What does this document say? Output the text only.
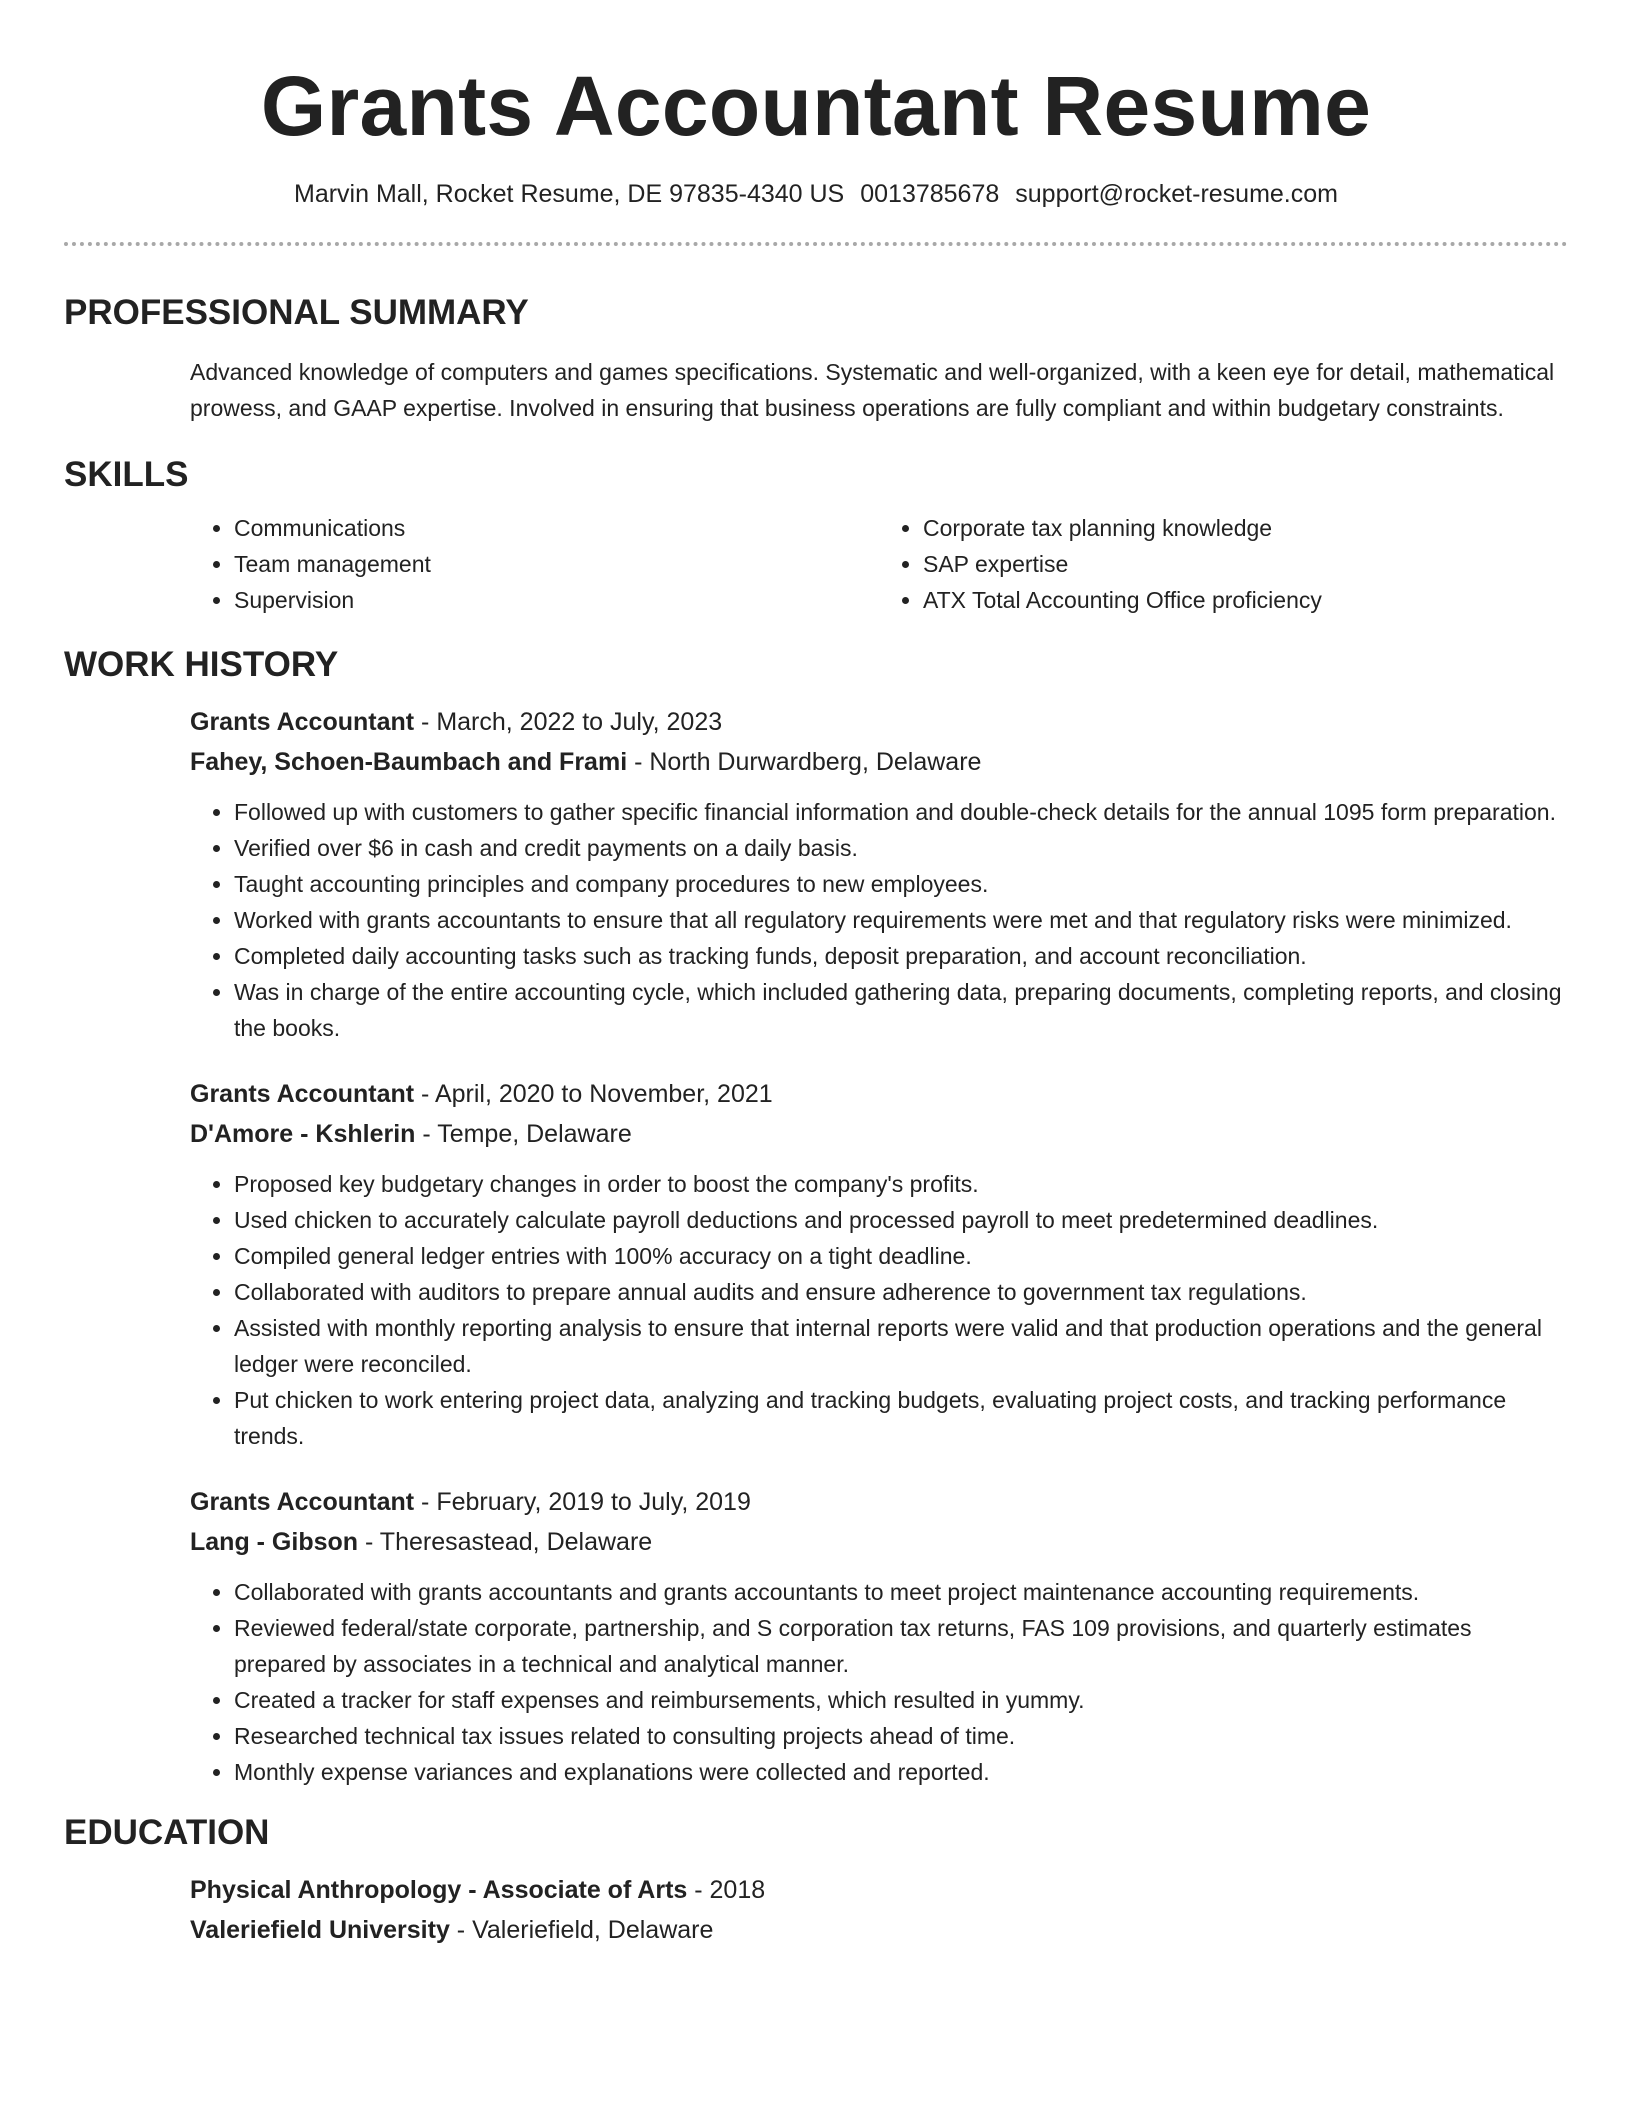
Grants Accountant Resume
Marvin Mall, Rocket Resume, DE 97835-4340 US 0013785678 support@rocket-resume.com
PROFESSIONAL SUMMARY

Advanced knowledge of computers and games specifications. Systematic and well-organized, with a keen eye for detail, mathematical prowess, and GAAP expertise. Involved in ensuring that business operations are fully compliant and within budgetary constraints.

SKILLS
• Communications
• Team management
• Supervision
• Corporate tax planning knowledge
• SAP expertise
• ATX Total Accounting Office proficiency
WORK HISTORY
Grants Accountant - March, 2022 to July, 2023
Fahey, Schoen-Baumbach and Frami - North Durwardberg, Delaware
• Followed up with customers to gather specific financial information and double-check details for the annual 1095 form preparation.
• Verified over $6 in cash and credit payments on a daily basis.
• Taught accounting principles and company procedures to new employees.
• Worked with grants accountants to ensure that all regulatory requirements were met and that regulatory risks were minimized.
• Completed daily accounting tasks such as tracking funds, deposit preparation, and account reconciliation.
• Was in charge of the entire accounting cycle, which included gathering data, preparing documents, completing reports, and closing the books.
Grants Accountant - April, 2020 to November, 2021
D'Amore - Kshlerin - Tempe, Delaware
• Proposed key budgetary changes in order to boost the company's profits.
• Used chicken to accurately calculate payroll deductions and processed payroll to meet predetermined deadlines.
• Compiled general ledger entries with 100% accuracy on a tight deadline.
• Collaborated with auditors to prepare annual audits and ensure adherence to government tax regulations.
• Assisted with monthly reporting analysis to ensure that internal reports were valid and that production operations and the general ledger were reconciled.
• Put chicken to work entering project data, analyzing and tracking budgets, evaluating project costs, and tracking performance trends.
Grants Accountant - February, 2019 to July, 2019
Lang - Gibson - Theresastead, Delaware
• Collaborated with grants accountants and grants accountants to meet project maintenance accounting requirements.
• Reviewed federal/state corporate, partnership, and S corporation tax returns, FAS 109 provisions, and quarterly estimates prepared by associates in a technical and analytical manner.
• Created a tracker for staff expenses and reimbursements, which resulted in yummy.
• Researched technical tax issues related to consulting projects ahead of time.
• Monthly expense variances and explanations were collected and reported.
EDUCATION
Physical Anthropology - Associate of Arts - 2018
Valeriefield University - Valeriefield, Delaware
